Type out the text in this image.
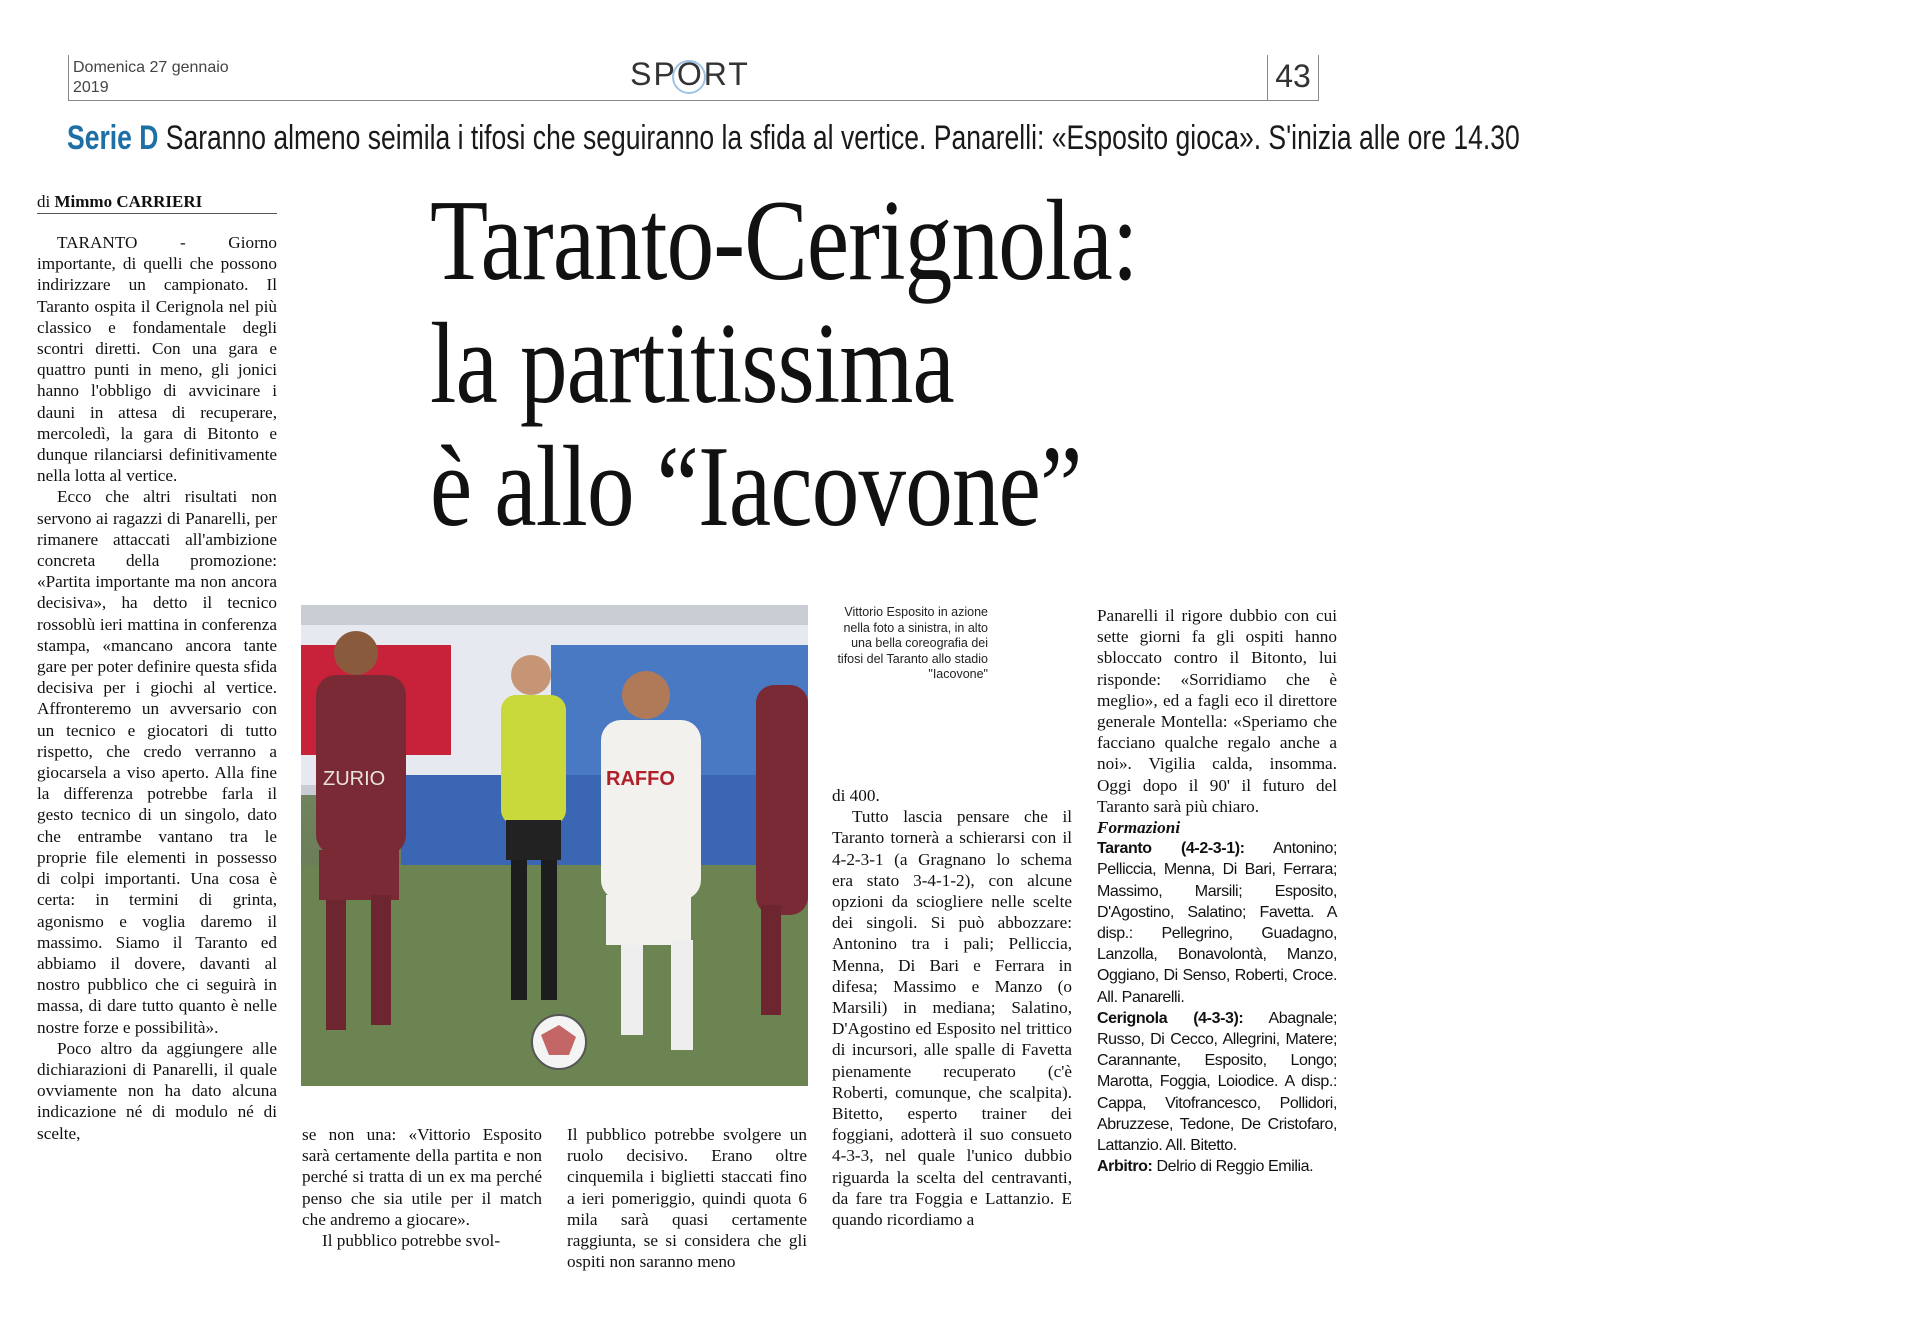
Domenica 27 gennaio
2019	SPORT	43
Serie D Saranno almeno seimila i tifosi che seguiranno la sfida al vertice. Panarelli: «Esposito gioca». S'inizia alle ore 14.30
di Mimmo CARRIERI	Taranto-Cerignola:
la partitissima
è allo “Iacovone”

TARANTO - Giorno importante, di quelli che possono indirizzare un campionato. Il Taranto ospita il Cerignola nel più classico e fondamentale degli scontri diretti. Con una gara e quattro punti in meno, gli jonici hanno l'obbligo di avvicinare i dauni in attesa di recuperare, mercoledì, la gara di Bitonto e dunque rilanciarsi definitivamente nella lotta al vertice.

Ecco che altri risultati non servono ai ragazzi di Panarelli, per rimanere attaccati all'ambizione concreta della promozione: «Partita importante ma non ancora decisiva», ha detto il tecnico rossoblù ieri mattina in conferenza stampa, «mancano ancora tante gare per poter definire questa sfida decisiva per i giochi al vertice. Affronteremo un avversario con un tecnico e giocatori di tutto rispetto, che credo verranno a giocarsela a viso aperto. Alla fine la differenza potrebbe farla il gesto tecnico di un singolo, dato che entrambe vantano tra le proprie file elementi in possesso di colpi importanti. Una cosa è certa: in termini di grinta, agonismo e voglia daremo il massimo. Siamo il Taranto ed abbiamo il dovere, davanti al nostro pubblico che ci seguirà in massa, di dare tutto quanto è nelle nostre forze e possibilità».

Poco altro da aggiungere alle dichiarazioni di Panarelli, il quale ovviamente non ha dato alcuna indicazione né di modulo né di scelte,

ZURIO	RAFFO
Vittorio Esposito in azione nella foto a sinistra, in alto una bella coreografia dei tifosi del Taranto allo stadio "Iacovone"

se non una: «Vittorio Esposito sarà certamente della partita e non perché si tratta di un ex ma perché penso che sia utile per il match che andremo a giocare».

Il pubblico potrebbe svol-

Il pubblico potrebbe svolgere un ruolo decisivo. Erano oltre cinquemila i biglietti staccati fino a ieri pomeriggio, quindi quota 6 mila sarà quasi certamente raggiunta, se si considera che gli ospiti non saranno meno

di 400.

Tutto lascia pensare che il Taranto tornerà a schierarsi con il 4-2-3-1 (a Gragnano lo schema era stato 3-4-1-2), con alcune opzioni da sciogliere nelle scelte dei singoli. Si può abbozzare: Antonino tra i pali; Pelliccia, Menna, Di Bari e Ferrara in difesa; Massimo e Manzo (o Marsili) in mediana; Salatino, D'Agostino ed Esposito nel trittico di incursori, alle spalle di Favetta pienamente recuperato (c'è Roberti, comunque, che scalpita). Bitetto, esperto trainer dei foggiani, adotterà il suo consueto 4-3-3, nel quale l'unico dubbio riguarda la scelta del centravanti, da fare tra Foggia e Lattanzio. E quando ricordiamo a

Panarelli il rigore dubbio con cui sette giorni fa gli ospiti hanno sbloccato contro il Bitonto, lui risponde: «Sorridiamo che è meglio», ed a fagli eco il direttore generale Montella: «Speriamo che facciano qualche regalo anche a noi». Vigilia calda, insomma. Oggi dopo il 90' il futuro del Taranto sarà più chiaro.

Formazioni

Taranto (4-2-3-1): Antonino; Pelliccia, Menna, Di Bari, Ferrara; Massimo, Marsili; Esposito, D'Agostino, Salatino; Favetta. A disp.: Pellegrino, Guadagno, Lanzolla, Bonavolontà, Manzo, Oggiano, Di Senso, Roberti, Croce. All. Panarelli.

Cerignola (4-3-3): Abagnale; Russo, Di Cecco, Allegrini, Matere; Carannante, Esposito, Longo; Marotta, Foggia, Loiodice. A disp.: Cappa, Vitofrancesco, Pollidori, Abruzzese, Tedone, De Cristofaro, Lattanzio. All. Bitetto.

Arbitro: Delrio di Reggio Emilia.
